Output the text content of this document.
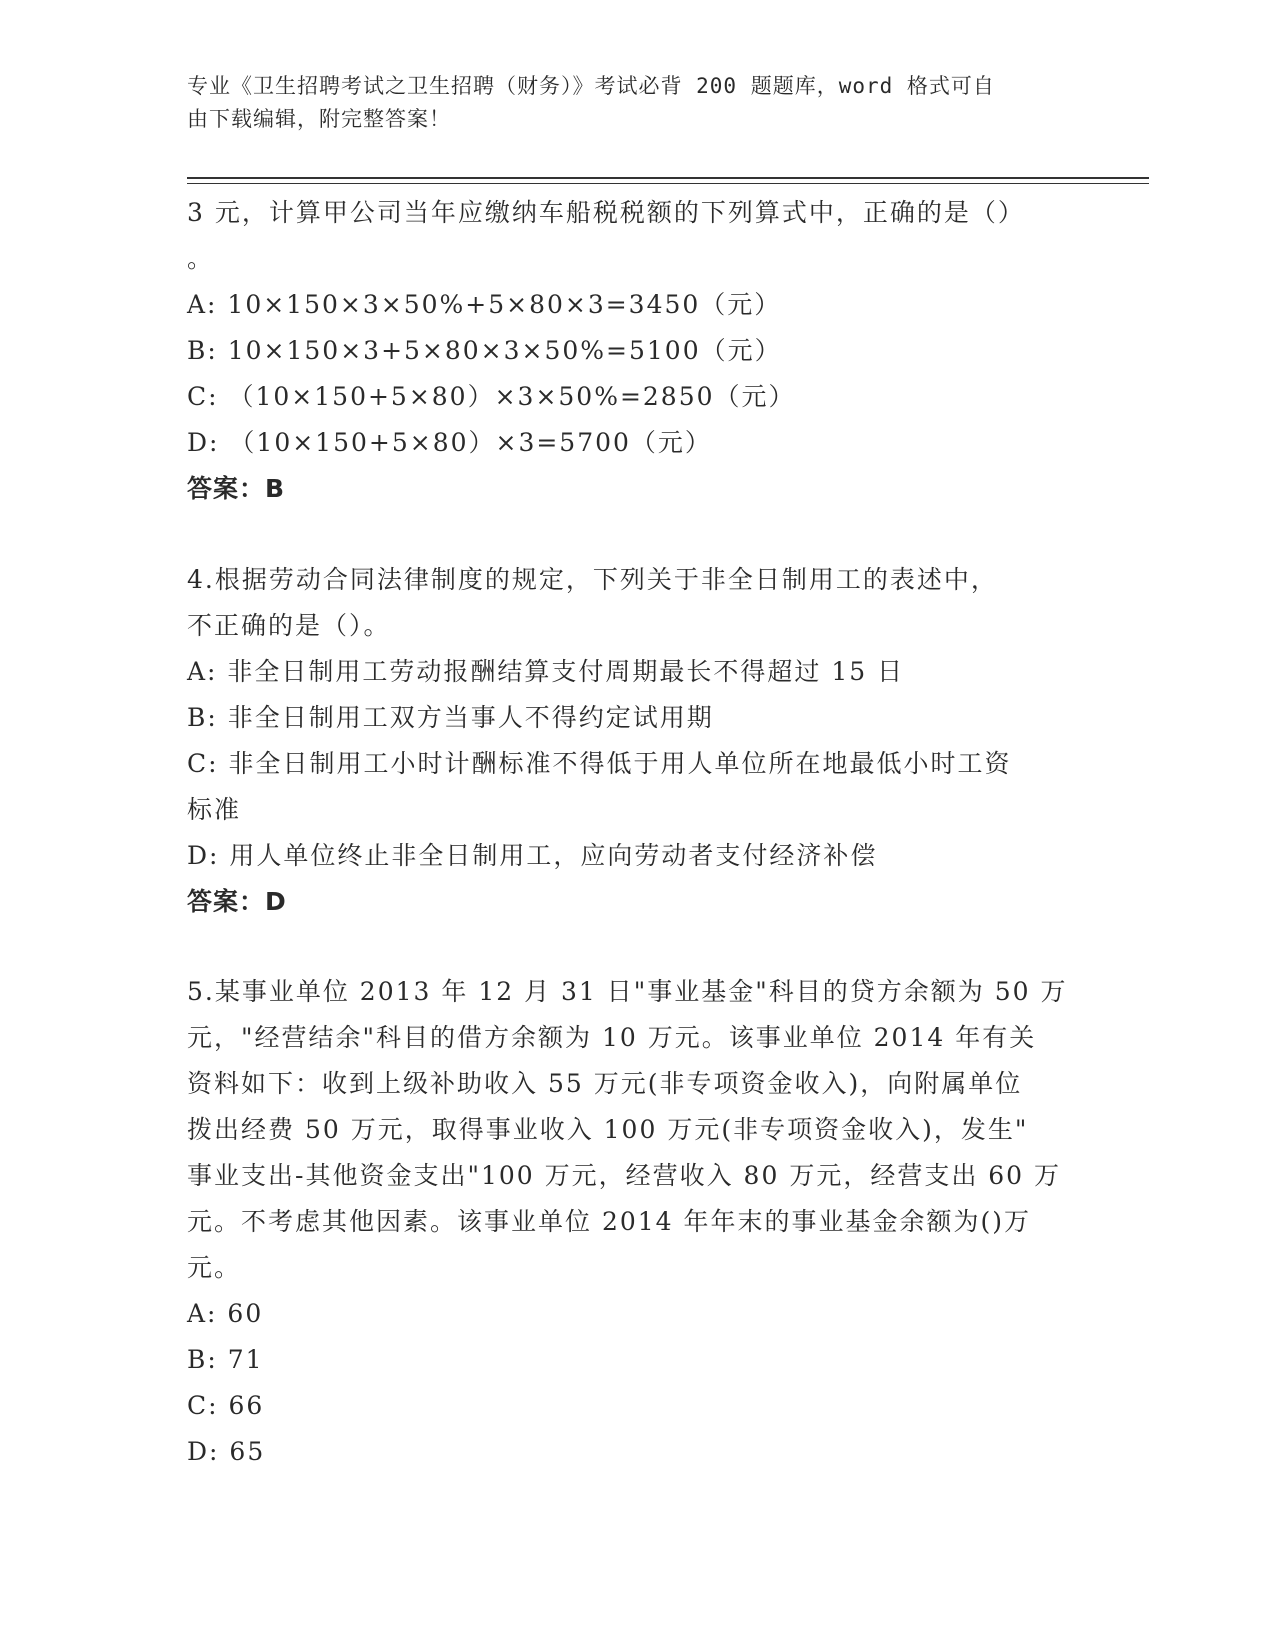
专业《卫生招聘考试之卫生招聘（财务）》考试必背 200 题题库，word 格式可自
由下载编辑，附完整答案！
3 元，计算甲公司当年应缴纳车船税税额的下列算式中，正确的是（）
。
A: 10×150×3×50%+5×80×3=3450（元）
B: 10×150×3+5×80×3×50%=5100（元）
C: （10×150+5×80）×3×50%=2850（元）
D: （10×150+5×80）×3=5700（元）
答案：B
4.根据劳动合同法律制度的规定，下列关于非全日制用工的表述中，
不正确的是（）。
A: 非全日制用工劳动报酬结算支付周期最长不得超过 15 日
B: 非全日制用工双方当事人不得约定试用期
C: 非全日制用工小时计酬标准不得低于用人单位所在地最低小时工资
标准
D: 用人单位终止非全日制用工，应向劳动者支付经济补偿
答案：D
5.某事业单位 2013 年 12 月 31 日"事业基金"科目的贷方余额为 50 万
元，"经营结余"科目的借方余额为 10 万元。该事业单位 2014 年有关
资料如下：收到上级补助收入 55 万元(非专项资金收入)，向附属单位
拨出经费 50 万元，取得事业收入 100 万元(非专项资金收入)，发生"
事业支出-其他资金支出"100 万元，经营收入 80 万元，经营支出 60 万
元。不考虑其他因素。该事业单位 2014 年年末的事业基金余额为()万
元。
A: 60
B: 71
C: 66
D: 65
